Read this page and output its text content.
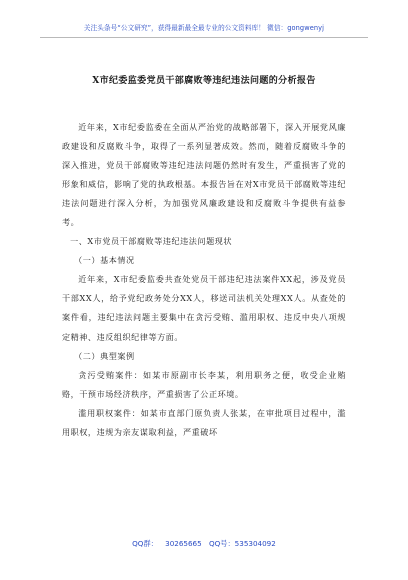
关注头条号“公文研究”，获得最新最全最专业的公文资料库！ 微信：gongwenyj
X市纪委监委党员干部腐败等违纪违法问题的分析报告

近年来，X市纪委监委在全面从严治党的战略部署下，深入开展党风廉政建设和反腐败斗争，取得了一系列显著成效。然而，随着反腐败斗争的深入推进，党员干部腐败等违纪违法问题仍然时有发生，严重损害了党的形象和威信，影响了党的执政根基。本报告旨在对X市党员干部腐败等违纪违法问题进行深入分析，为加强党风廉政建设和反腐败斗争提供有益参考。

一、X市党员干部腐败等违纪违法问题现状

（一）基本情况

近年来，X市纪委监委共查处党员干部违纪违法案件XX起，涉及党员干部XX人，给予党纪政务处分XX人，移送司法机关处理XX人。从查处的案件看，违纪违法问题主要集中在贪污受贿、滥用职权、违反中央八项规定精神、违反组织纪律等方面。

（二）典型案例

贪污受贿案件：如某市原副市长李某，利用职务之便，收受企业贿赂，干预市场经济秩序，严重损害了公正环境。

滥用职权案件：如某市直部门原负责人张某，在审批项目过程中，滥用职权，违规为亲友谋取利益，严重破坏

QQ群： 30265665 QQ号：535304092
